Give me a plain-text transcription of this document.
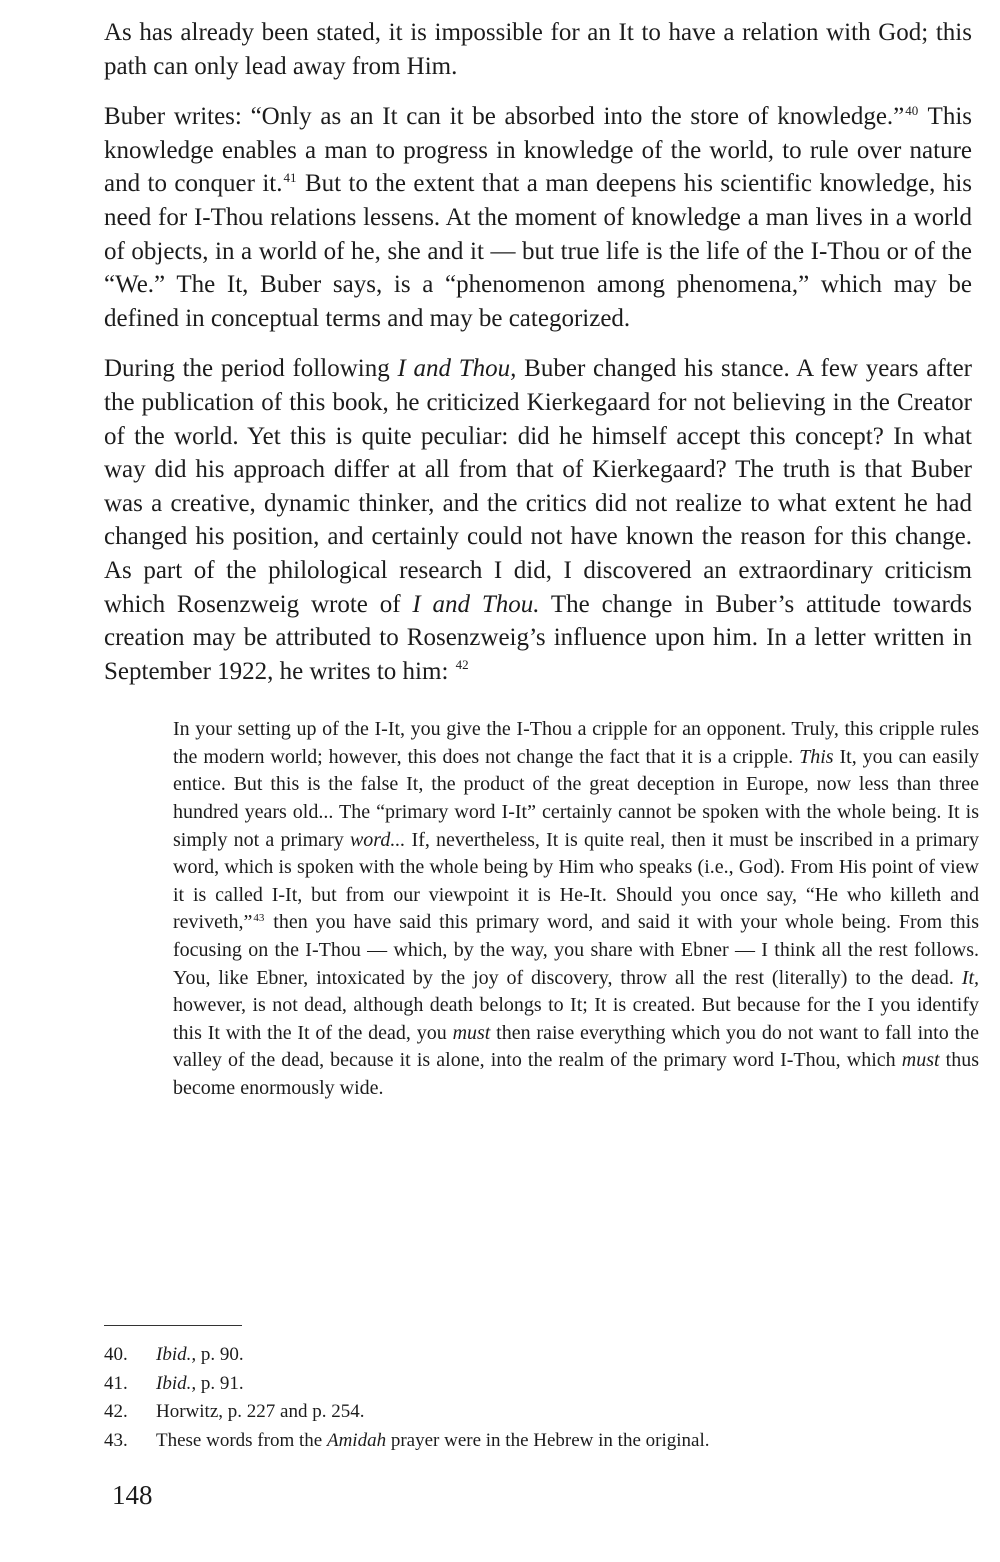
As has already been stated, it is impossible for an It to have a relation with God; this path can only lead away from Him.

Buber writes: “Only as an It can it be absorbed into the store of knowledge.”$^{40}$ This knowledge enables a man to progress in knowledge of the world, to rule over nature and to conquer it.$^{41}$ But to the extent that a man deepens his scientific knowledge, his need for I-Thou relations lessens. At the moment of knowledge a man lives in a world of objects, in a world of he, she and it — but true life is the life of the I-Thou or of the “We.” The It, Buber says, is a “phenomenon among phenomena,” which may be defined in conceptual terms and may be categorized.

During the period following I and Thou, Buber changed his stance. A few years after the publication of this book, he criticized Kierkegaard for not believing in the Creator of the world. Yet this is quite peculiar: did he himself accept this concept? In what way did his approach differ at all from that of Kierkegaard? The truth is that Buber was a creative, dynamic thinker, and the critics did not realize to what extent he had changed his position, and certainly could not have known the reason for this change. As part of the philological research I did, I discovered an extraordinary criticism which Rosenzweig wrote of I and Thou. The change in Buber’s attitude towards creation may be attributed to Rosenzweig’s influence upon him. In a letter written in September 1922, he writes to him: $^{42}$

In your setting up of the I-It, you give the I-Thou a cripple for an opponent. Truly, this cripple rules the modern world; however, this does not change the fact that it is a cripple. This It, you can easily entice. But this is the false It, the product of the great deception in Europe, now less than three hundred years old... The “primary word I-It” certainly cannot be spoken with the whole being. It is simply not a primary word... If, nevertheless, It is quite real, then it must be inscribed in a primary word, which is spoken with the whole being by Him who speaks (i.e., God). From His point of view it is called I-It, but from our viewpoint it is He-It. Should you once say, “He who killeth and reviveth,”$^{43}$ then you have said this primary word, and said it with your whole being. From this focusing on the I-Thou — which, by the way, you share with Ebner — I think all the rest follows. You, like Ebner, intoxicated by the joy of discovery, throw all the rest (literally) to the dead. It, however, is not dead, although death belongs to It; It is created. But because for the I you identify this It with the It of the dead, you must then raise everything which you do not want to fall into the valley of the dead, because it is alone, into the realm of the primary word I-Thou, which must thus become enormously wide.
40. Ibid., p. 90.
41. Ibid., p. 91.
42. Horwitz, p. 227 and p. 254.
43. These words from the Amidah prayer were in the Hebrew in the original.
148
